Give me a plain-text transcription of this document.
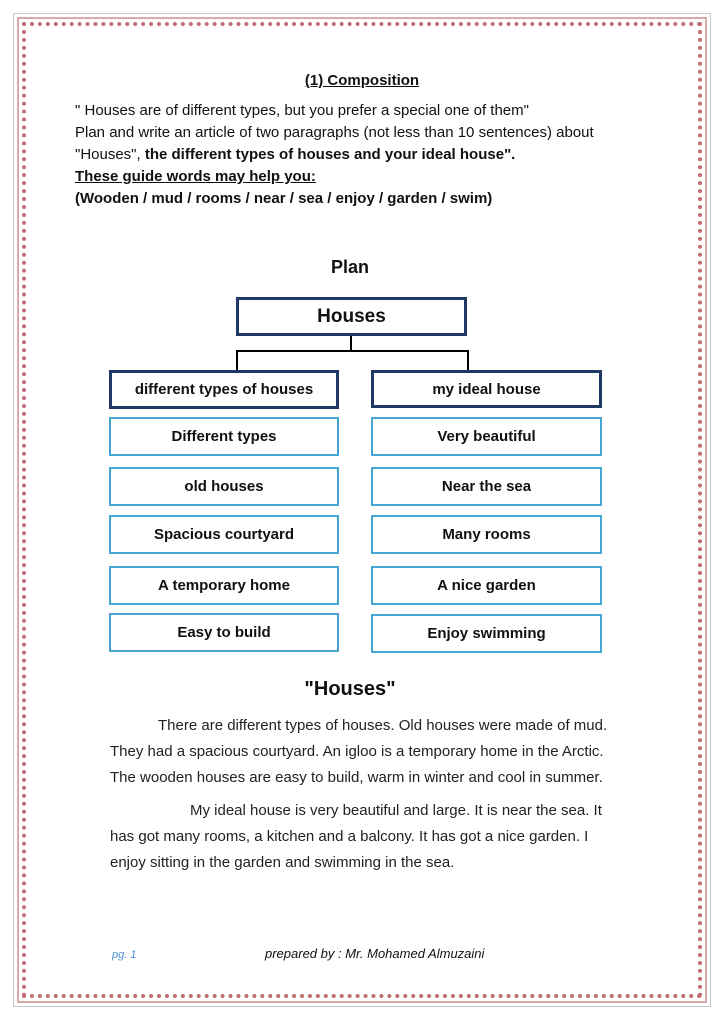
(1) Composition
" Houses are of different types, but you prefer a special one of them"
Plan and write an article of two paragraphs (not less than 10 sentences) about
"Houses", the different types of houses and your ideal house".
These guide words may help you:
(Wooden / mud / rooms / near / sea / enjoy / garden / swim)
Plan
Houses
different types of houses	my ideal house
Different types
old houses
Spacious courtyard
A temporary home
Easy to build
Very beautiful
Near the sea
Many rooms
A nice garden
Enjoy swimming
"Houses"

There are different types of houses. Old houses were made of mud. They had a spacious courtyard. An igloo is a temporary home in the Arctic. The wooden houses are easy to build, warm in winter and cool in summer.

My ideal house is very beautiful and large. It is near the sea. It has got many rooms, a kitchen and a balcony. It has got a nice garden. I enjoy sitting in the garden and swimming in the sea.

pg. 1	prepared by : Mr. Mohamed Almuzaini
